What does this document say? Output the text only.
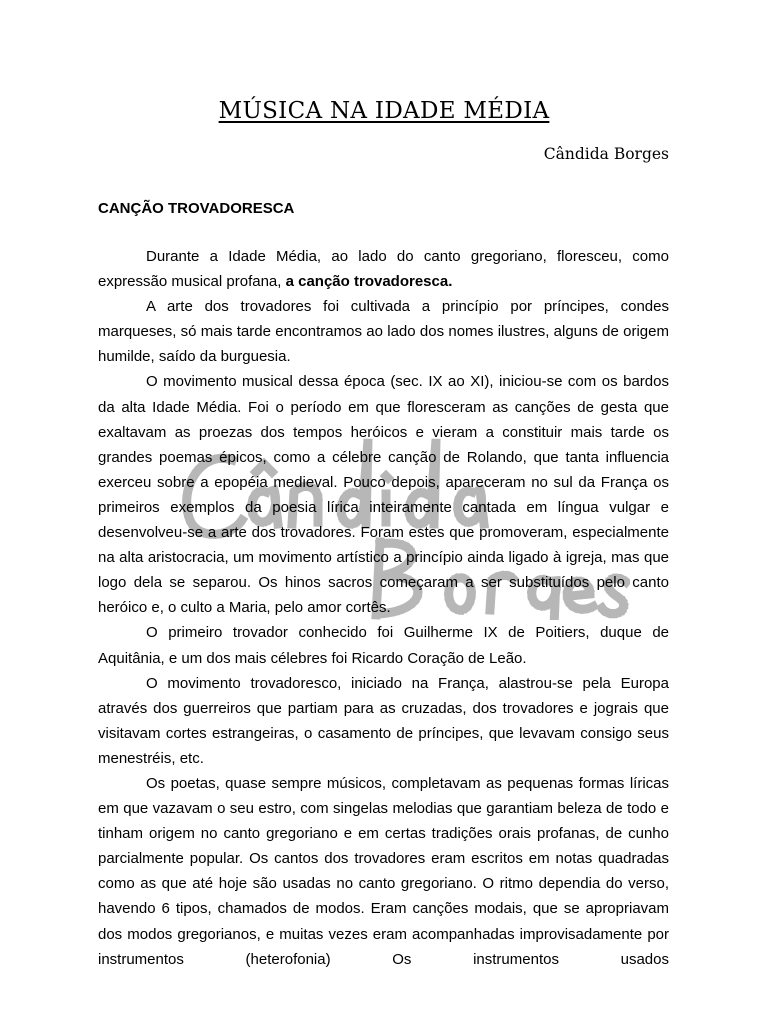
MÚSICA NA IDADE MÉDIA

Cândida Borges

CANÇÃO TROVADORESCA

Durante a Idade Média, ao lado do canto gregoriano, floresceu, como expressão musical profana, a canção trovadoresca.

A arte dos trovadores foi cultivada a princípio por príncipes, condes marqueses, só mais tarde encontramos ao lado dos nomes ilustres, alguns de origem humilde, saído da burguesia.

O movimento musical dessa época (sec. IX ao XI), iniciou-se com os bardos da alta Idade Média. Foi o período em que floresceram as canções de gesta que exaltavam as proezas dos tempos heróicos e vieram a constituir mais tarde os grandes poemas épicos, como a célebre canção de Rolando, que tanta influencia exerceu sobre a epopéia medieval. Pouco depois, apareceram no sul da França os primeiros exemplos da poesia lírica inteiramente cantada em língua vulgar e desenvolveu-se a arte dos trovadores. Foram estes que promoveram, especialmente na alta aristocracia, um movimento artístico a princípio ainda ligado à igreja, mas que logo dela se separou. Os hinos sacros começaram a ser substituídos pelo canto heróico e, o culto a Maria, pelo amor cortês.

O primeiro trovador conhecido foi Guilherme IX de Poitiers, duque de Aquitânia, e um dos mais célebres foi Ricardo Coração de Leão.

O movimento trovadoresco, iniciado na França, alastrou-se pela Europa através dos guerreiros que partiam para as cruzadas, dos trovadores e jograis que visitavam cortes estrangeiras, o casamento de príncipes, que levavam consigo seus menestréis, etc.

Os poetas, quase sempre músicos, completavam as pequenas formas líricas em que vazavam o seu estro, com singelas melodias que garantiam beleza de todo e tinham origem no canto gregoriano e em certas tradições orais profanas, de cunho parcialmente popular. Os cantos dos trovadores eram escritos em notas quadradas como as que até hoje são usadas no canto gregoriano. O ritmo dependia do verso, havendo 6 tipos, chamados de modos. Eram canções modais, que se apropriavam dos modos gregorianos, e muitas vezes eram acompanhadas improvisadamente por instrumentos (heterofonia) Os instrumentos usados
